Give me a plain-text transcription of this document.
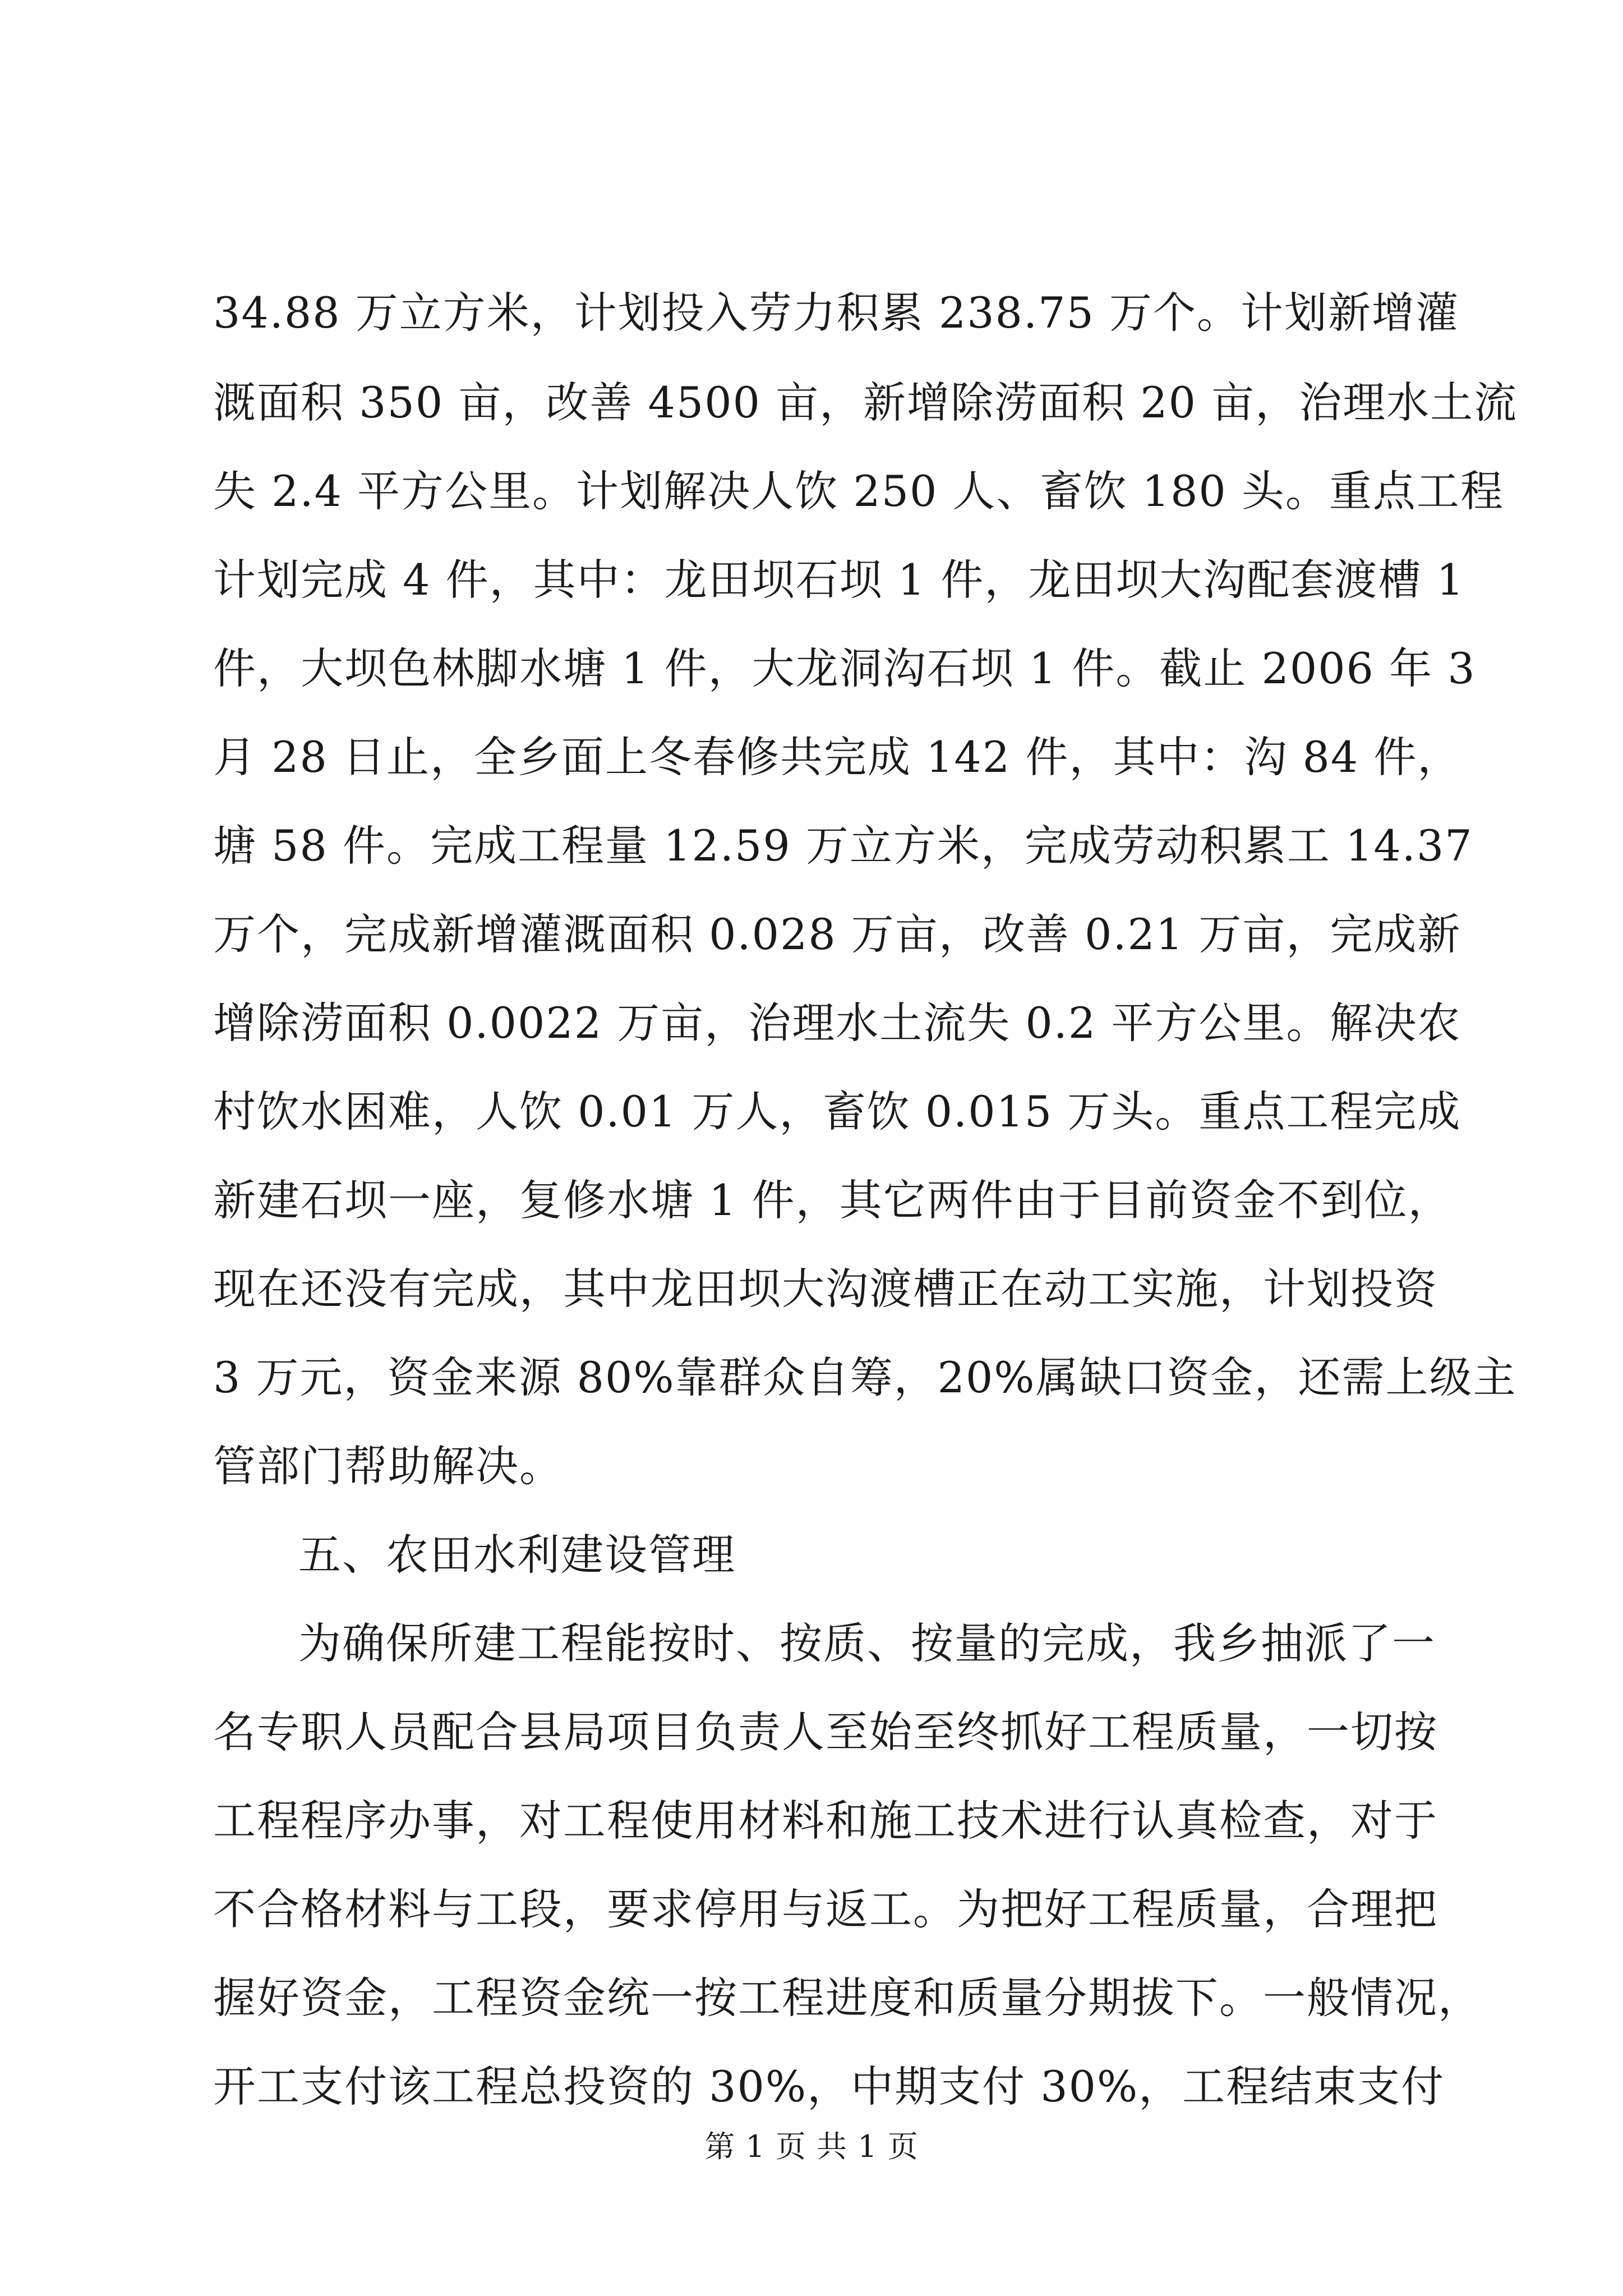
34.88 万立方米，计划投入劳力积累 238.75 万个。计划新增灌
溉面积 350 亩，改善 4500 亩，新增除涝面积 20 亩，治理水土流
失 2.4 平方公里。计划解决人饮 250 人、畜饮 180 头。重点工程
计划完成 4 件，其中：龙田坝石坝 1 件，龙田坝大沟配套渡槽 1
件，大坝色林脚水塘 1 件，大龙洞沟石坝 1 件。截止 2006 年 3
月 28 日止，全乡面上冬春修共完成 142 件，其中：沟 84 件，
塘 58 件。完成工程量 12.59 万立方米，完成劳动积累工 14.37
万个，完成新增灌溉面积 0.028 万亩，改善 0.21 万亩，完成新
增除涝面积 0.0022 万亩，治理水土流失 0.2 平方公里。解决农
村饮水困难，人饮 0.01 万人，畜饮 0.015 万头。重点工程完成
新建石坝一座，复修水塘 1 件，其它两件由于目前资金不到位，
现在还没有完成，其中龙田坝大沟渡槽正在动工实施，计划投资
3 万元，资金来源 80%靠群众自筹，20%属缺口资金，还需上级主
管部门帮助解决。
五、农田水利建设管理
为确保所建工程能按时、按质、按量的完成，我乡抽派了一
名专职人员配合县局项目负责人至始至终抓好工程质量，一切按
工程程序办事，对工程使用材料和施工技术进行认真检查，对于
不合格材料与工段，要求停用与返工。为把好工程质量，合理把
握好资金，工程资金统一按工程进度和质量分期拔下。一般情况，
开工支付该工程总投资的 30%，中期支付 30%，工程结束支付
第 1 页 共 1 页
